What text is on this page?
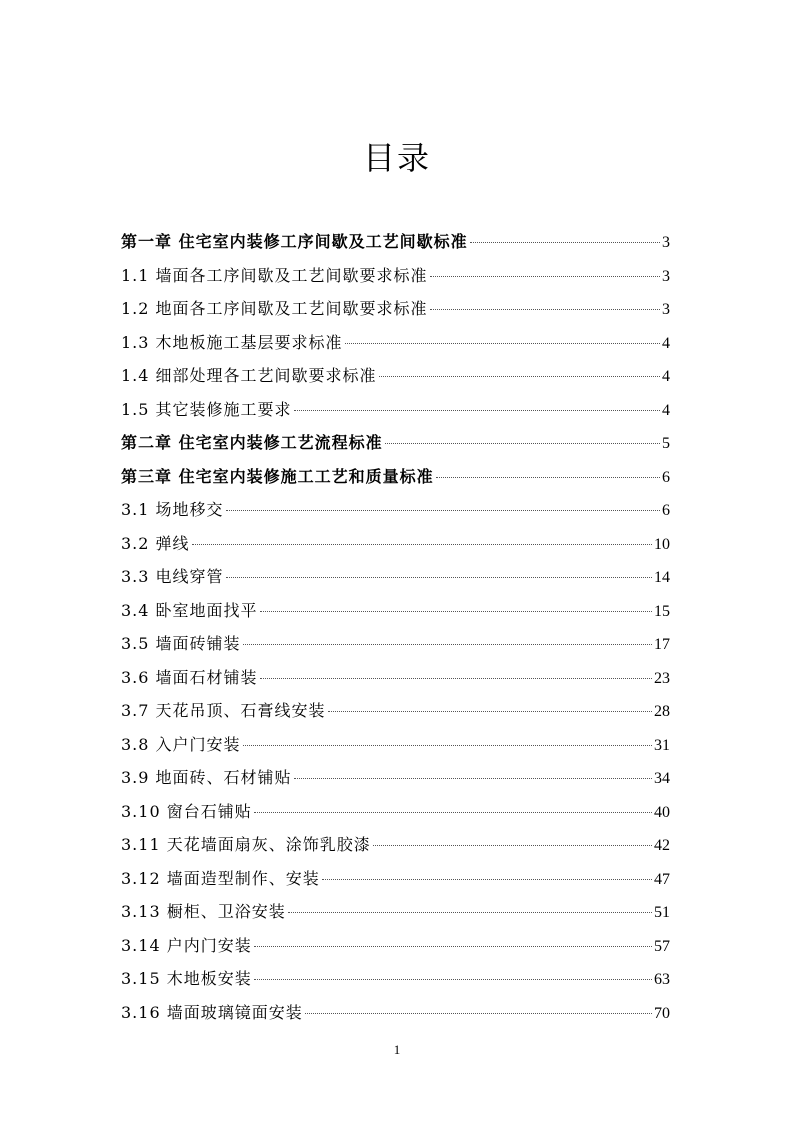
目录
第一章 住宅室内装修工序间歇及工艺间歇标准	3
1.1 墙面各工序间歇及工艺间歇要求标准	3
1.2 地面各工序间歇及工艺间歇要求标准	3
1.3 木地板施工基层要求标准	4
1.4 细部处理各工艺间歇要求标准	4
1.5 其它装修施工要求	4
第二章 住宅室内装修工艺流程标准	5
第三章 住宅室内装修施工工艺和质量标准	6
3.1 场地移交	6
3.2 弹线	10
3.3 电线穿管	14
3.4 卧室地面找平	15
3.5 墙面砖铺装	17
3.6 墙面石材铺装	23
3.7 天花吊顶、石膏线安装	28
3.8 入户门安装	31
3.9 地面砖、石材铺贴	34
3.10 窗台石铺贴	40
3.11 天花墙面扇灰、涂饰乳胶漆	42
3.12 墙面造型制作、安装	47
3.13 橱柜、卫浴安装	51
3.14 户内门安装	57
3.15 木地板安装	63
3.16 墙面玻璃镜面安装	70
1
